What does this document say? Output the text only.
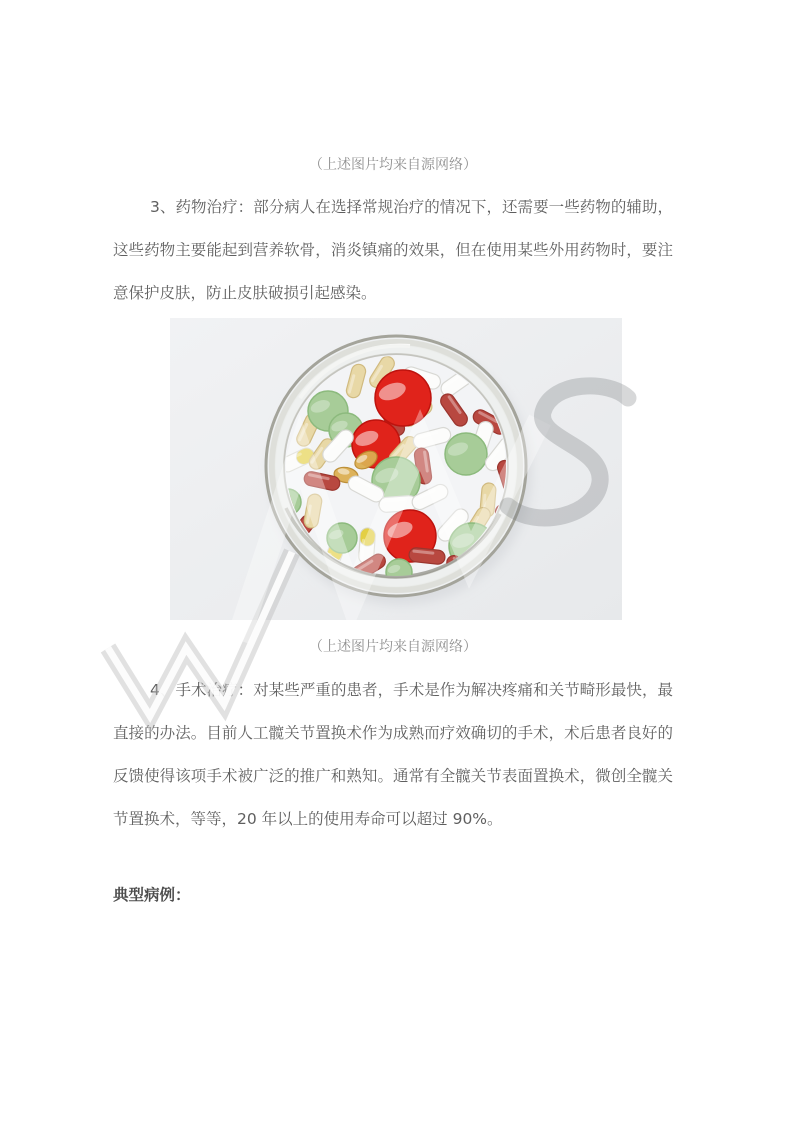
（上述图片均来自源网络）
3、药物治疗：部分病人在选择常规治疗的情况下，还需要一些药物的辅助，这些药物主要能起到营养软骨，消炎镇痛的效果，但在使用某些外用药物时，要注意保护皮肤，防止皮肤破损引起感染。
（上述图片均来自源网络）
4、手术治疗：对某些严重的患者，手术是作为解决疼痛和关节畸形最快，最直接的办法。目前人工髋关节置换术作为成熟而疗效确切的手术，术后患者良好的反馈使得该项手术被广泛的推广和熟知。通常有全髋关节表面置换术，微创全髋关节置换术，等等，20 年以上的使用寿命可以超过 90%。
典型病例：
